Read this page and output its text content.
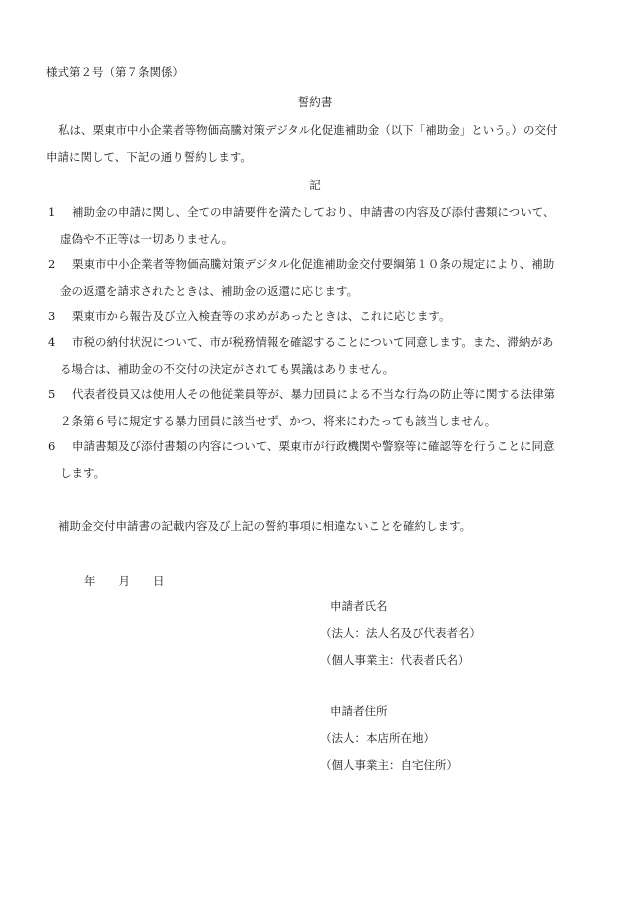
様式第２号（第７条関係）
誓約書
私は、栗東市中小企業者等物価高騰対策デジタル化促進補助金（以下「補助金」という。）の交付
申請に関して、下記の通り誓約します。
記
1 補助金の申請に関し、全ての申請要件を満たしており、申請書の内容及び添付書類について、
虚偽や不正等は一切ありません。
2 栗東市中小企業者等物価高騰対策デジタル化促進補助金交付要綱第１０条の規定により、補助
金の返還を請求されたときは、補助金の返還に応じます。
3 栗東市から報告及び立入検査等の求めがあったときは、これに応じます。
4 市税の納付状況について、市が税務情報を確認することについて同意します。また、滞納があ
る場合は、補助金の不交付の決定がされても異議はありません。
5 代表者役員又は使用人その他従業員等が、暴力団員による不当な行為の防止等に関する法律第
２条第６号に規定する暴力団員に該当せず、かつ、将来にわたっても該当しません。
6 申請書類及び添付書類の内容について、栗東市が行政機関や警察等に確認等を行うことに同意
します。
補助金交付申請書の記載内容及び上記の誓約事項に相違ないことを確約します。
年　　月　　日
申請者氏名
（法人：法人名及び代表者名）
（個人事業主：代表者氏名）
申請者住所
（法人：本店所在地）
（個人事業主：自宅住所）
